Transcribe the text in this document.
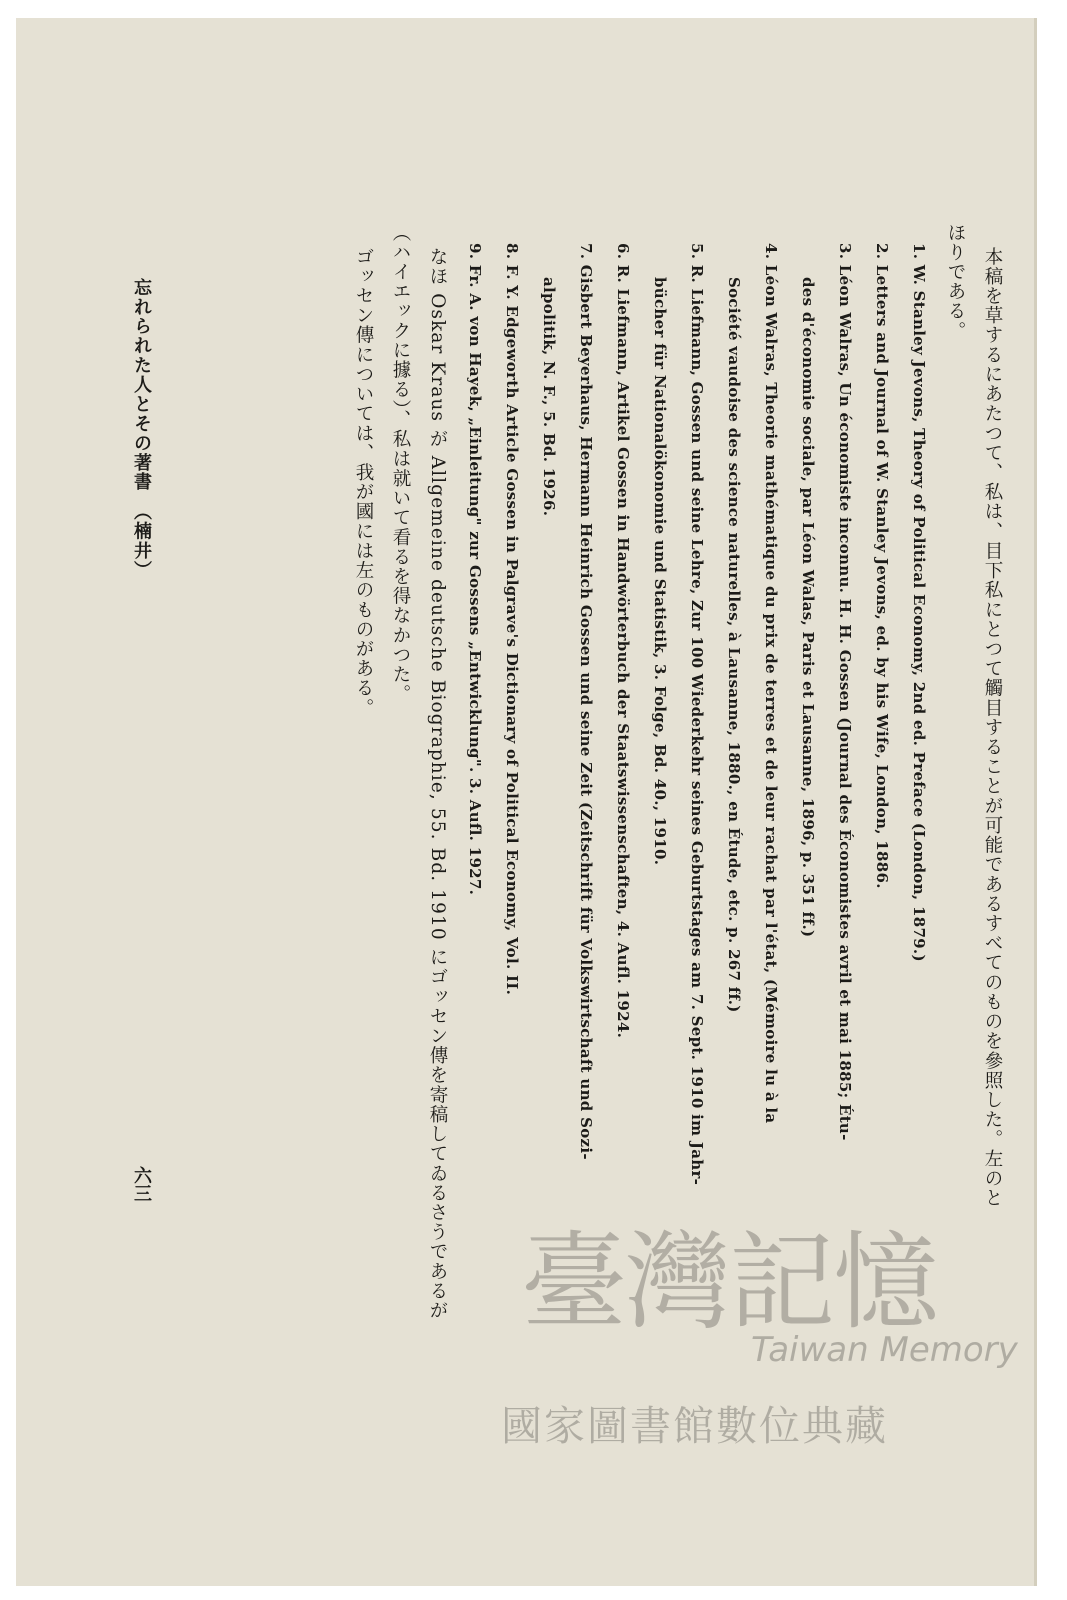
本稿を草するにあたつて、私は、目下私にとつて觸目することが可能であるすべてのものを參照した。左のと
ほりである。
1. W. Stanley Jevons, Theory of Political Economy, 2nd ed. Preface (London, 1879.)
2. Letters and Journal of W. Stanley Jevons, ed. by his Wife, London, 1886.
3. Léon Walras, Un économiste inconnu. H. H. Gossen (Journal des Économistes avril et mai 1885; Étu-
des d'économie sociale, par Léon Walas, Paris et Lausanne, 1896, p. 351 ff.)
4. Léon Walras, Theorie mathématique du prix de terres et de leur rachat par l'état, (Mémoire lu à la
Société vaudoise des science naturelles, à Lausanne, 1880., en Étude, etc. p. 267 ff.)
5. R. Liefmann, Gossen und seine Lehre, Zur 100 Wiederkehr seines Geburtstages am 7. Sept. 1910 im Jahr-
bücher für Nationalökonomie und Statistik, 3. Folge, Bd. 40., 1910.
6. R. Liefmann, Artikel Gossen in Handwörterbuch der Staatswissenschaften, 4. Aufl. 1924.
7. Gisbert Beyerhaus, Hermann Heinrich Gossen und seine Zeit (Zeitschrift für Volkswirtschaft und Sozi-
alpolitik, N. F., 5. Bd. 1926.
8. F. Y. Edgeworth Article Gossen in Palgrave's Dictionary of Political Economy, Vol. II.
9. Fr. A. von Hayek, „Einleitung" zur Gossens „Entwicklung". 3. Aufl. 1927.
なほ Oskar Kraus が Allgemeine deutsche Biographie, 55. Bd. 1910 にゴッセン傳を寄稿してゐるさうであるが
（ハイエックに據る）、私は就いて看るを得なかつた。
ゴッセン傳については、我が國には左のものがある。
忘れられた人とその著書　（楠井）
六三
臺灣記憶
Taiwan Memory
國家圖書館數位典藏
